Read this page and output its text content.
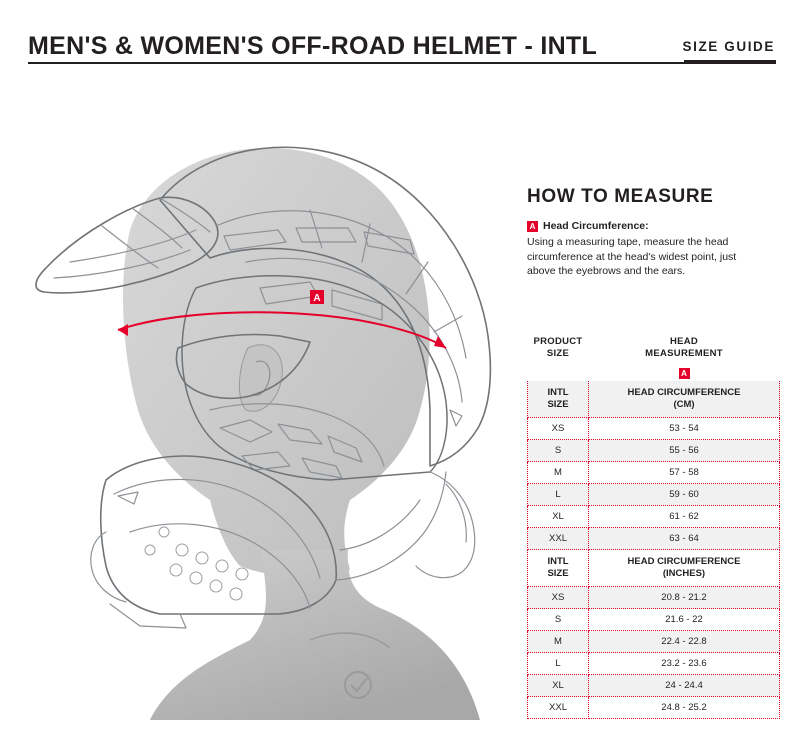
MEN'S & WOMEN'S OFF-ROAD HELMET - INTL	SIZE GUIDE
A
HOW TO MEASURE
A Head Circumference:

Using a measuring tape, measure the head circumference at the head's widest point, just above the eyebrows and the ears.

PRODUCT
SIZE

HEAD
MEASUREMENT

	A

INTL
SIZE

HEAD CIRCUMFERENCE
(CM)

XS	53 - 54
S	55 - 56
M	57 - 58
L	59 - 60
XL	61 - 62
XXL	63 - 64

INTL
SIZE

HEAD CIRCUMFERENCE
(INCHES)

XS	20.8 - 21.2
S	21.6 - 22
M	22.4 - 22.8
L	23.2 - 23.6
XL	24 - 24.4
XXL	24.8 - 25.2
